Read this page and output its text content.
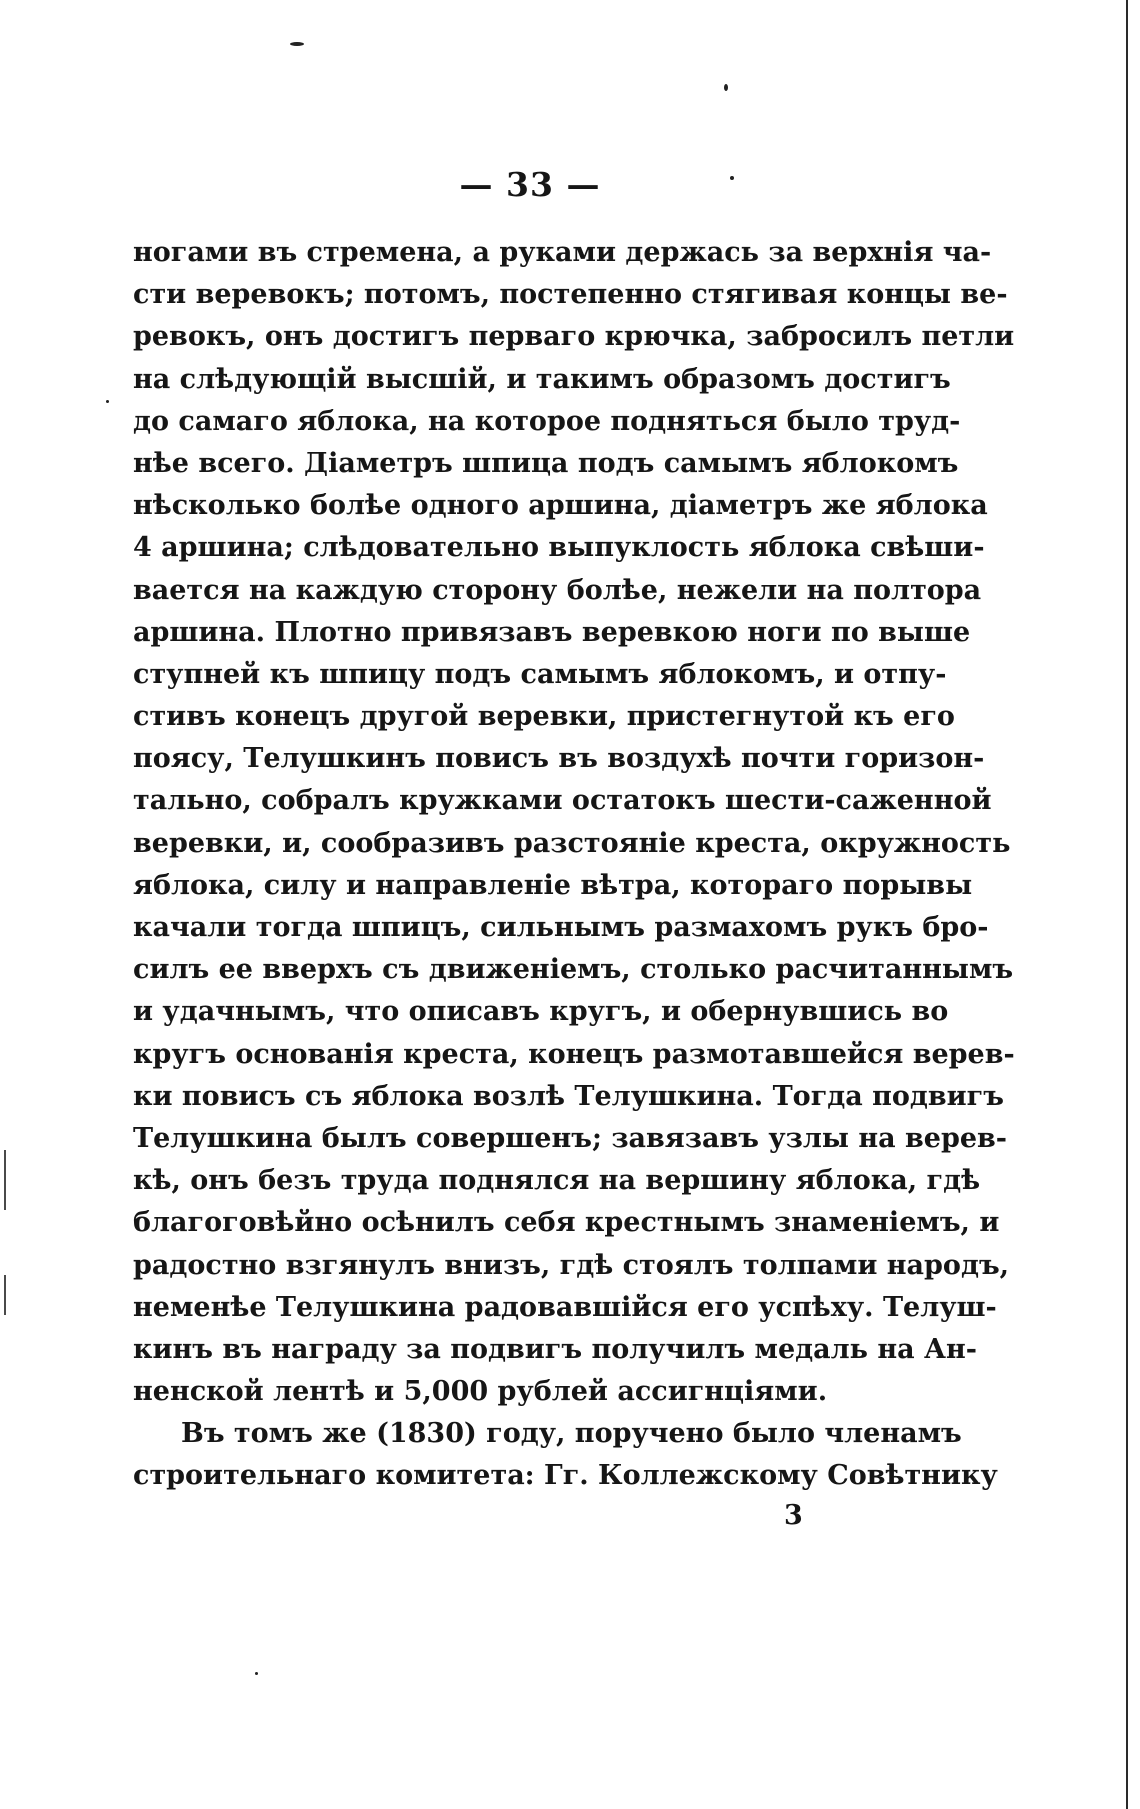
— 33 —
ногами въ стремена, а руками держась за верхнія ча-
сти веревокъ; потомъ, постепенно стягивая концы ве-
ревокъ, онъ достигъ перваго крючка, забросилъ петли
на слѣдующій высшій, и такимъ образомъ достигъ
до самаго яблока, на которое подняться было труд-
нѣе всего. Діаметръ шпица подъ самымъ яблокомъ
нѣсколько болѣе одного аршина, діаметръ же яблока
4 аршина; слѣдовательно выпуклость яблока свѣши-
вается на каждую сторону болѣе, нежели на полтора
аршина. Плотно привязавъ веревкою ноги по выше
ступней къ шпицу подъ самымъ яблокомъ, и отпу-
стивъ конецъ другой веревки, пристегнутой къ его
поясу, Телушкинъ повисъ въ воздухѣ почти горизон-
тально, собралъ кружками остатокъ шести-саженной
веревки, и, сообразивъ разстояніе креста, окружность
яблока, силу и направленіе вѣтра, котораго порывы
качали тогда шпицъ, сильнымъ размахомъ рукъ бро-
силъ ее вверхъ съ движеніемъ, столько расчитаннымъ
и удачнымъ, что описавъ кругъ, и обернувшись во
кругъ основанія креста, конецъ размотавшейся верев-
ки повисъ съ яблока возлѣ Телушкина. Тогда подвигъ
Телушкина былъ совершенъ; завязавъ узлы на верев-
кѣ, онъ безъ труда поднялся на вершину яблока, гдѣ
благоговѣйно осѣнилъ себя крестнымъ знаменіемъ, и
радостно взгянулъ внизъ, гдѣ стоялъ толпами народъ,
неменѣе Телушкина радовавшійся его успѣху. Телуш-
кинъ въ награду за подвигъ получилъ медаль на Ан-
ненской лентѣ и 5,000 рублей ассигнціями.
Въ томъ же (1830) году, поручено было членамъ
строительнаго комитета: Гг. Коллежскому Совѣтнику
3
